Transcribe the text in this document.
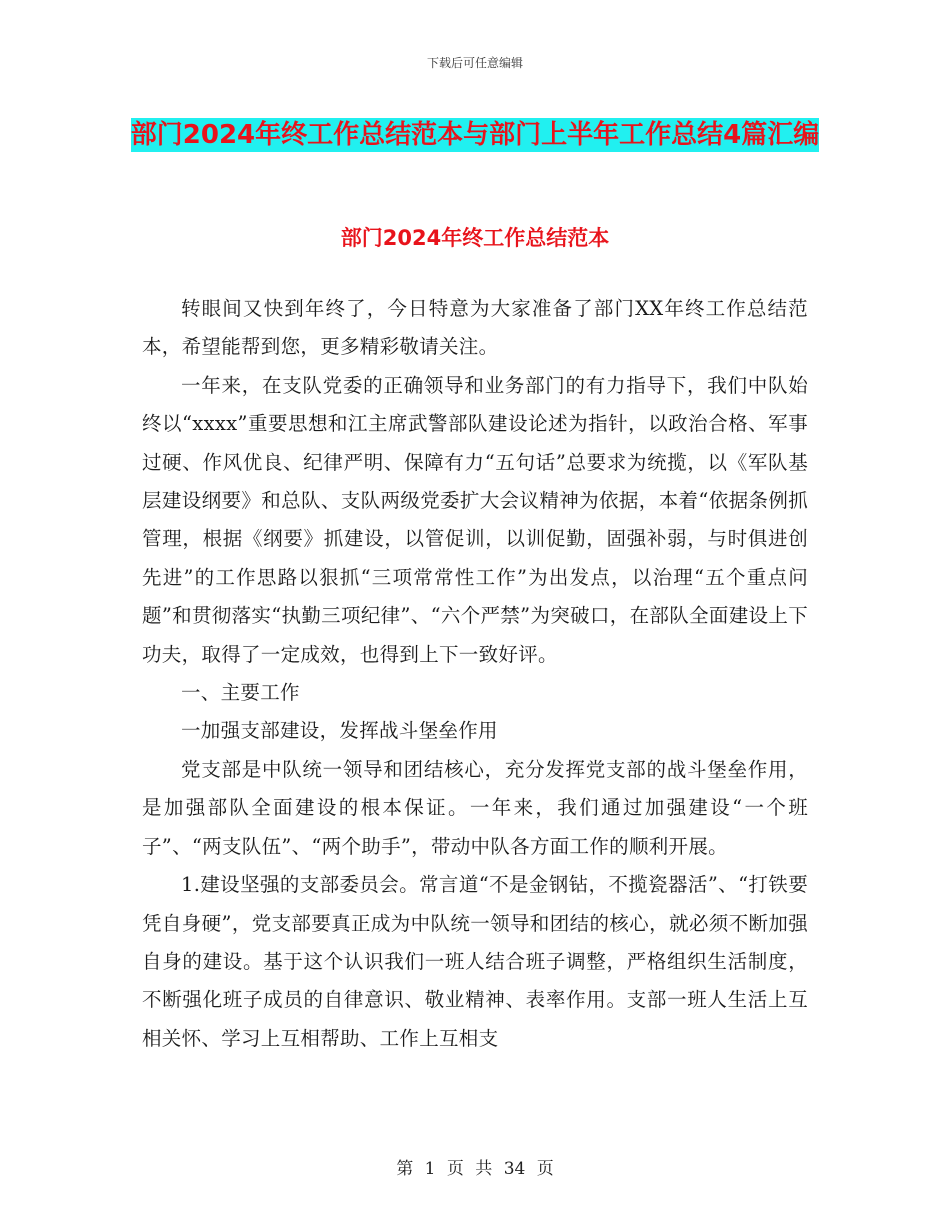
下载后可任意编辑
部门2024年终工作总结范本与部门上半年工作总结4篇汇编
部门2024年终工作总结范本

转眼间又快到年终了，今日特意为大家准备了部门XX年终工作总结范本，希望能帮到您，更多精彩敬请关注。

一年来，在支队党委的正确领导和业务部门的有力指导下，我们中队始终以“xxxx”重要思想和江主席武警部队建设论述为指针，以政治合格、军事过硬、作风优良、纪律严明、保障有力“五句话”总要求为统揽，以《军队基层建设纲要》和总队、支队两级党委扩大会议精神为依据，本着“依据条例抓管理，根据《纲要》抓建设，以管促训，以训促勤，固强补弱，与时俱进创先进”的工作思路以狠抓“三项常常性工作”为出发点，以治理“五个重点问题”和贯彻落实“执勤三项纪律”、“六个严禁”为突破口，在部队全面建设上下功夫，取得了一定成效，也得到上下一致好评。

一、主要工作

一加强支部建设，发挥战斗堡垒作用

党支部是中队统一领导和团结核心，充分发挥党支部的战斗堡垒作用，是加强部队全面建设的根本保证。一年来，我们通过加强建设“一个班子”、“两支队伍”、“两个助手”，带动中队各方面工作的顺利开展。

1.建设坚强的支部委员会。常言道“不是金钢钻，不揽瓷器活”、“打铁要凭自身硬”，党支部要真正成为中队统一领导和团结的核心，就必须不断加强自身的建设。基于这个认识我们一班人结合班子调整，严格组织生活制度，不断强化班子成员的自律意识、敬业精神、表率作用。支部一班人生活上互相关怀、学习上互相帮助、工作上互相支

第 1 页 共 34 页
